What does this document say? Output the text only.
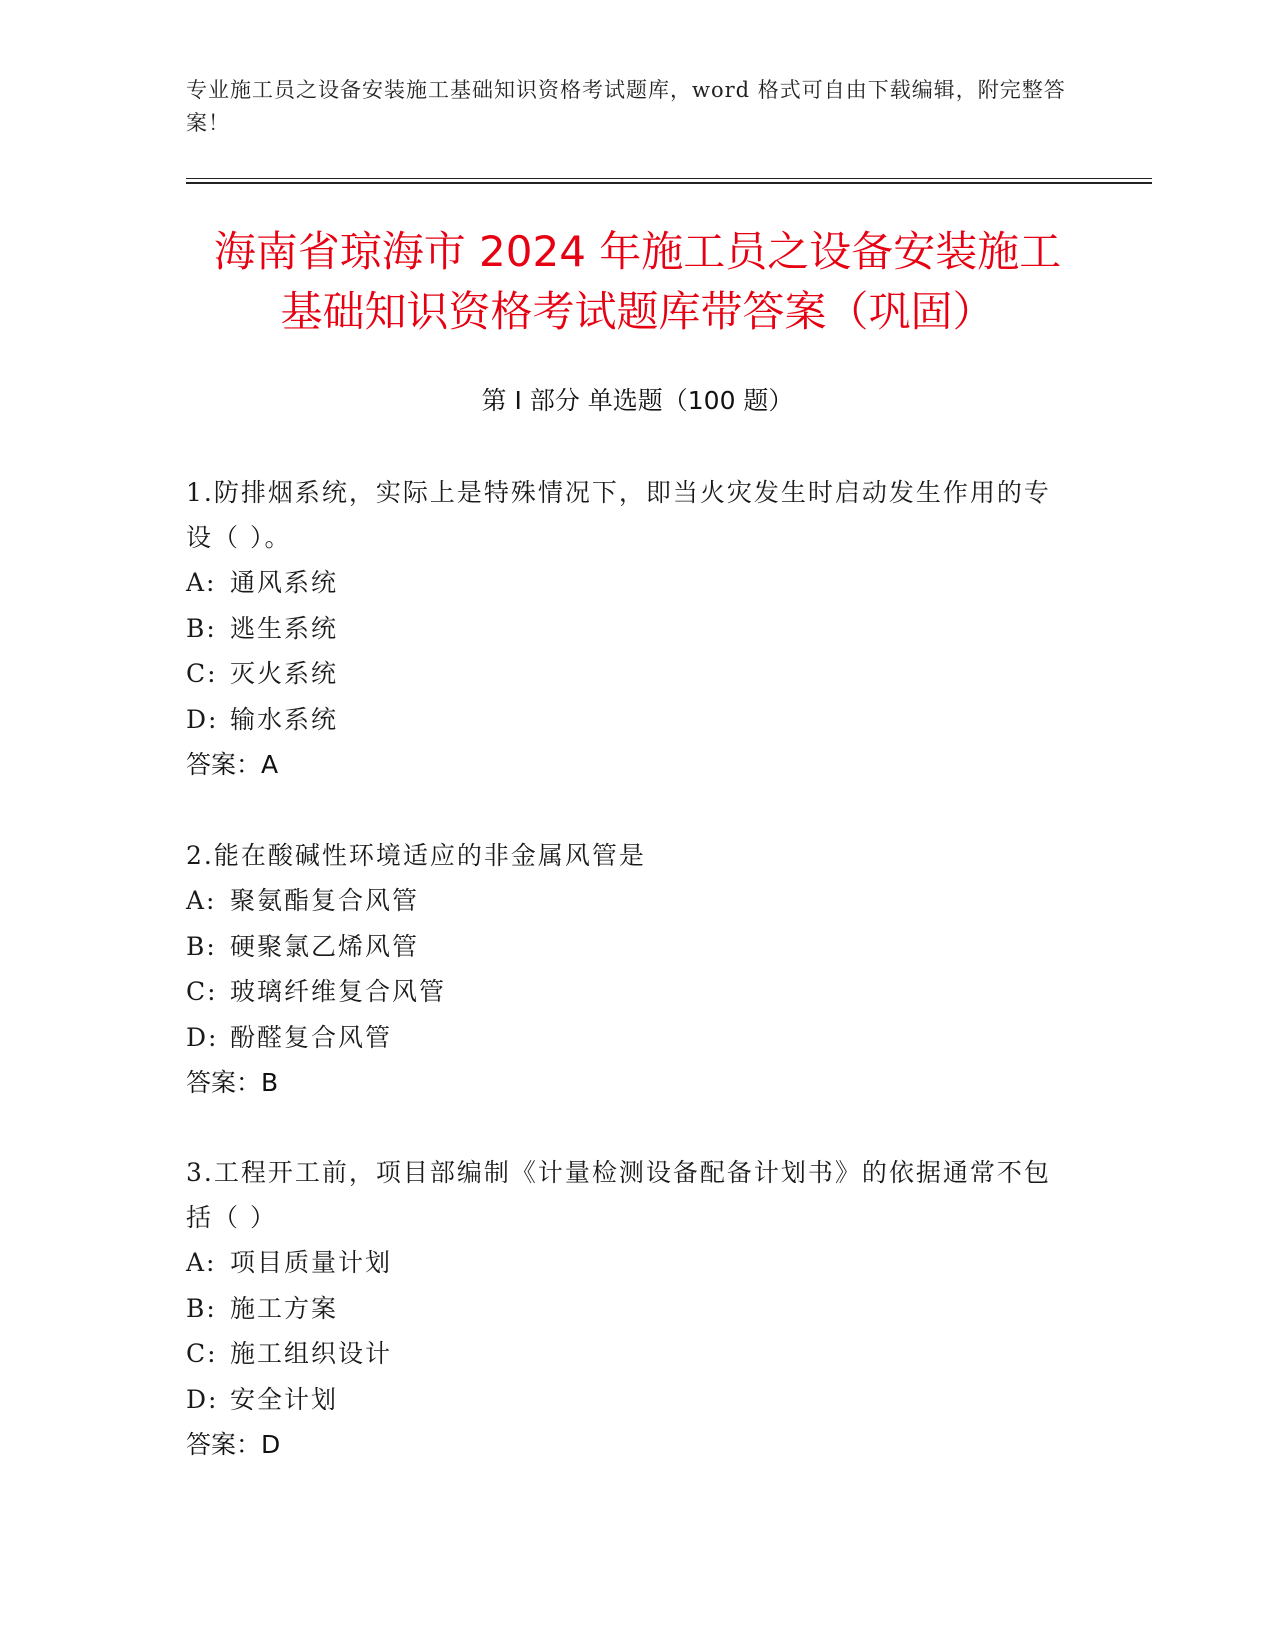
专业施工员之设备安装施工基础知识资格考试题库，word 格式可自由下载编辑，附完整答案！
海南省琼海市 2024 年施工员之设备安装施工
基础知识资格考试题库带答案（巩固）
第 I 部分 单选题（100 题）
1.防排烟系统，实际上是特殊情况下，即当火灾发生时启动发生作用的专设（ ）。
A: 通风系统
B: 逃生系统
C: 灭火系统
D: 输水系统
答案：A
2.能在酸碱性环境适应的非金属风管是
A: 聚氨酯复合风管
B: 硬聚氯乙烯风管
C: 玻璃纤维复合风管
D: 酚醛复合风管
答案：B
3.工程开工前，项目部编制《计量检测设备配备计划书》的依据通常不包括（ ）
A: 项目质量计划
B: 施工方案
C: 施工组织设计
D: 安全计划
答案：D
